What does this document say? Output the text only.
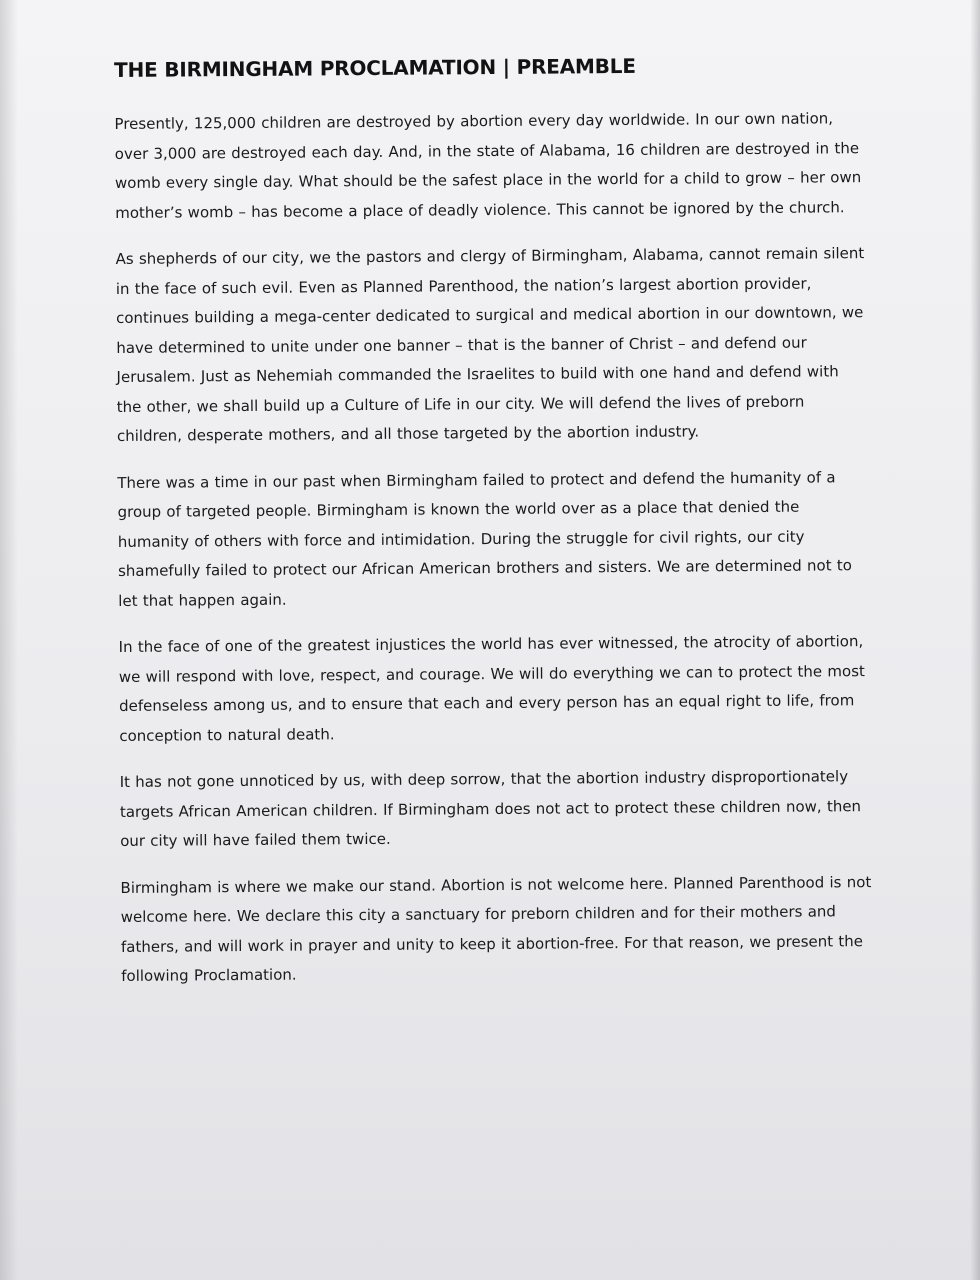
THE BIRMINGHAM PROCLAMATION | PREAMBLE

Presently, 125,000 children are destroyed by abortion every day worldwide. In our own nation, over 3,000 are destroyed each day. And, in the state of Alabama, 16 children are destroyed in the womb every single day. What should be the safest place in the world for a child to grow – her own mother’s womb – has become a place of deadly violence. This cannot be ignored by the church.

As shepherds of our city, we the pastors and clergy of Birmingham, Alabama, cannot remain silent in the face of such evil. Even as Planned Parenthood, the nation’s largest abortion provider, continues building a mega-center dedicated to surgical and medical abortion in our downtown, we have determined to unite under one banner – that is the banner of Christ – and defend our Jerusalem. Just as Nehemiah commanded the Israelites to build with one hand and defend with the other, we shall build up a Culture of Life in our city. We will defend the lives of preborn children, desperate mothers, and all those targeted by the abortion industry.

There was a time in our past when Birmingham failed to protect and defend the humanity of a group of targeted people. Birmingham is known the world over as a place that denied the humanity of others with force and intimidation. During the struggle for civil rights, our city shamefully failed to protect our African American brothers and sisters. We are determined not to let that happen again.

In the face of one of the greatest injustices the world has ever witnessed, the atrocity of abortion, we will respond with love, respect, and courage. We will do everything we can to protect the most defenseless among us, and to ensure that each and every person has an equal right to life, from conception to natural death.

It has not gone unnoticed by us, with deep sorrow, that the abortion industry disproportionately targets African American children. If Birmingham does not act to protect these children now, then our city will have failed them twice.

Birmingham is where we make our stand. Abortion is not welcome here. Planned Parenthood is not welcome here. We declare this city a sanctuary for preborn children and for their mothers and fathers, and will work in prayer and unity to keep it abortion-free. For that reason, we present the following Proclamation.
